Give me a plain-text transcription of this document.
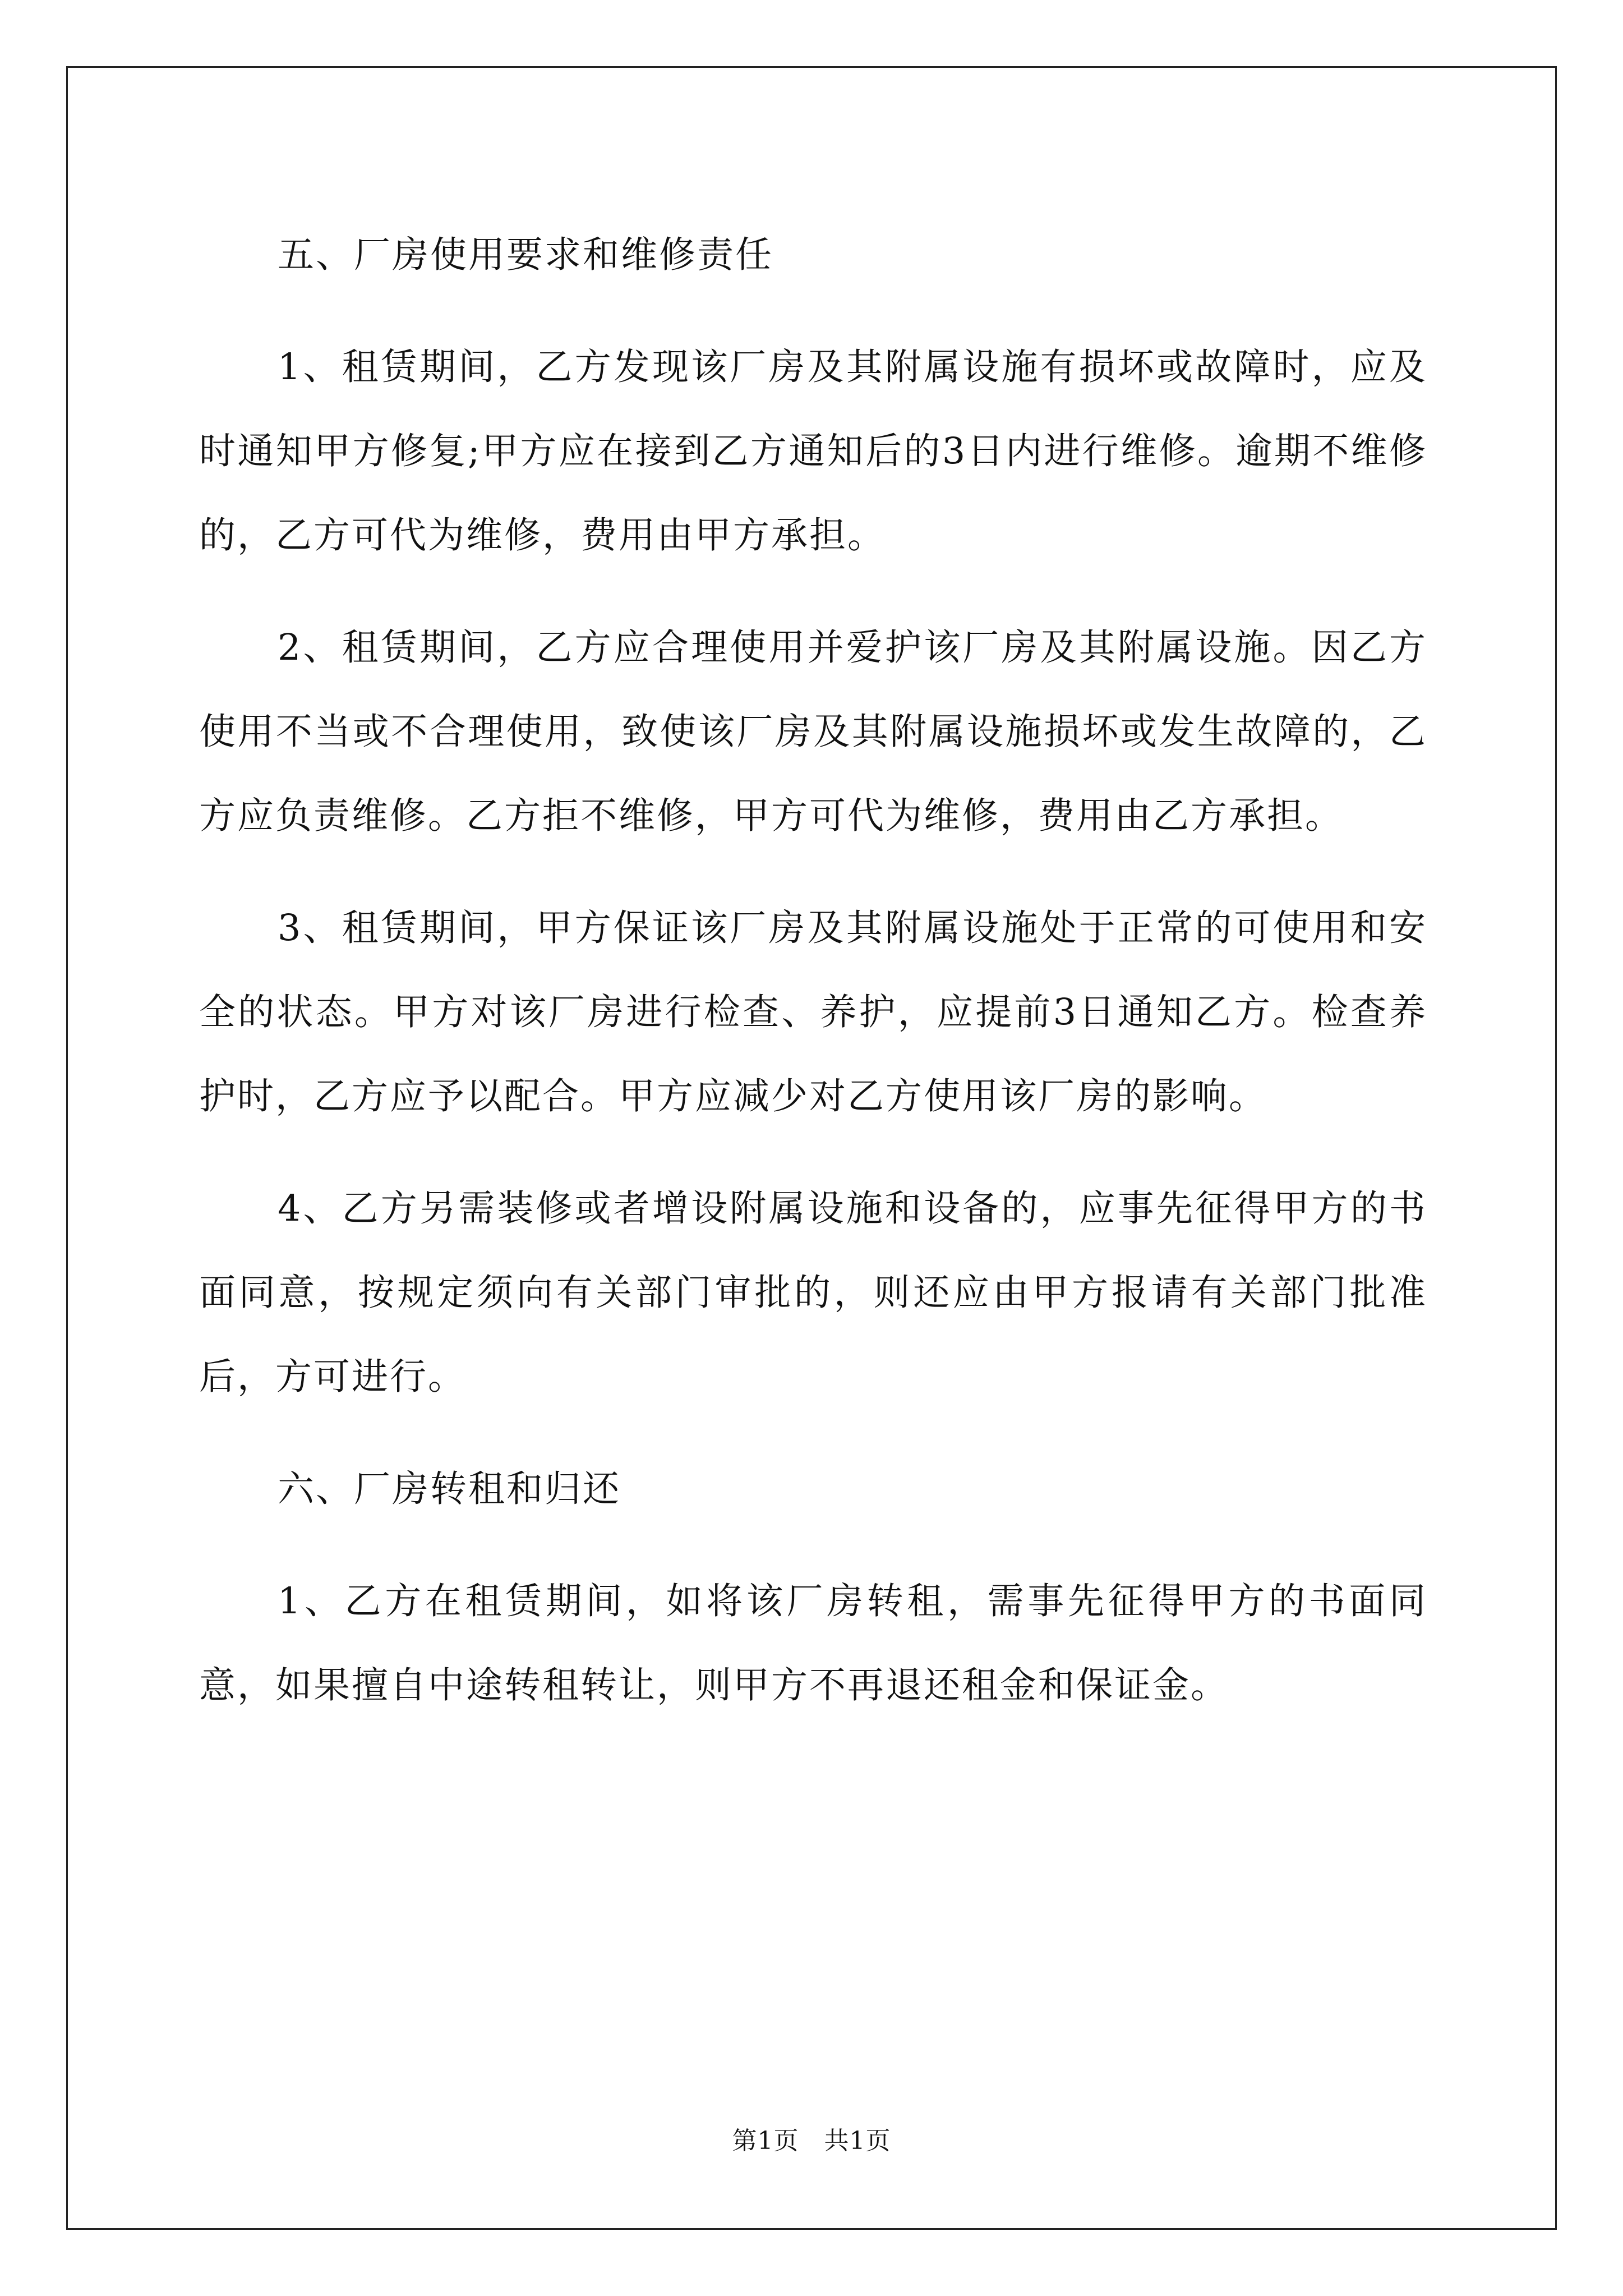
五、厂房使用要求和维修责任

1、租赁期间，乙方发现该厂房及其附属设施有损坏或故障时，应及时通知甲方修复;甲方应在接到乙方通知后的3日内进行维修。逾期不维修的，乙方可代为维修，费用由甲方承担。

2、租赁期间，乙方应合理使用并爱护该厂房及其附属设施。因乙方使用不当或不合理使用，致使该厂房及其附属设施损坏或发生故障的，乙方应负责维修。乙方拒不维修，甲方可代为维修，费用由乙方承担。

3、租赁期间，甲方保证该厂房及其附属设施处于正常的可使用和安全的状态。甲方对该厂房进行检查、养护，应提前3日通知乙方。检查养护时，乙方应予以配合。甲方应减少对乙方使用该厂房的影响。

4、乙方另需装修或者增设附属设施和设备的，应事先征得甲方的书面同意，按规定须向有关部门审批的，则还应由甲方报请有关部门批准后，方可进行。

六、厂房转租和归还

1、乙方在租赁期间，如将该厂房转租，需事先征得甲方的书面同意，如果擅自中途转租转让，则甲方不再退还租金和保证金。

第1页   共1页
